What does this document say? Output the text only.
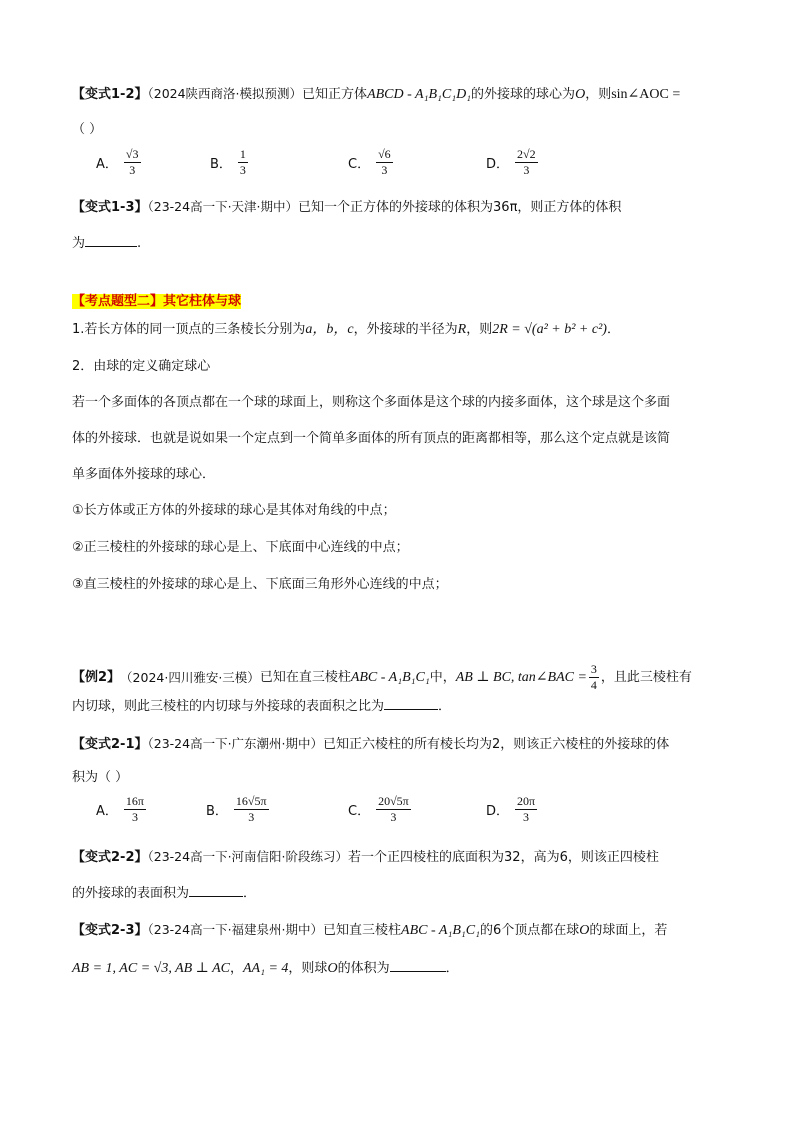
【变式1-2】（2024陕西商洛·模拟预测）已知正方体ABCD - A₁B₁C₁D₁的外接球的球心为O，则sin∠AOC =
（ ）
A． $\frac{√3}{3}$	B． $\frac{1}{3}$	C． $\frac{√6}{3}$	D． $\frac{2√2}{3}$
【变式1-3】（23-24高一下·天津·期中）已知一个正方体的外接球的体积为36π，则正方体的体积
为	.
【考点题型二】其它柱体与球
1.若长方体的同一顶点的三条棱长分别为a，b，c，外接球的半径为R，则2R = √(a² + b² + c²)．
2．由球的定义确定球心
若一个多面体的各顶点都在一个球的球面上，则称这个多面体是这个球的内接多面体，这个球是这个多面
体的外接球．也就是说如果一个定点到一个简单多面体的所有顶点的距离都相等，那么这个定点就是该简
单多面体外接球的球心．
①长方体或正方体的外接球的球心是其体对角线的中点；
②正三棱柱的外接球的球心是上、下底面中心连线的中点；
③直三棱柱的外接球的球心是上、下底面三角形外心连线的中点；
【例2】 （2024·四川雅安·三模） 已知在直三棱柱 ABC - A₁B₁C₁ 中， AB ⊥ BC, tan∠BAC = $\frac{3}{4}$ ，且此三棱柱有
内切球，则此三棱柱的内切球与外接球的表面积之比为	．
【变式2-1】（23-24高一下·广东潮州·期中）已知正六棱柱的所有棱长均为2，则该正六棱柱的外接球的体
积为（ ）
A． $\frac{16\pi}{3}$	B． $\frac{16√5\pi}{3}$	C． $\frac{20√5\pi}{3}$	D． $\frac{20\pi}{3}$
【变式2-2】（23-24高一下·河南信阳·阶段练习）若一个正四棱柱的底面积为32，高为6，则该正四棱柱
的外接球的表面积为	．
【变式2-3】（23-24高一下·福建泉州·期中）已知直三棱柱ABC - A₁B₁C₁的6个顶点都在球O的球面上，若
AB = 1, AC = √3, AB ⊥ AC，AA₁ = 4，则球O的体积为	．
